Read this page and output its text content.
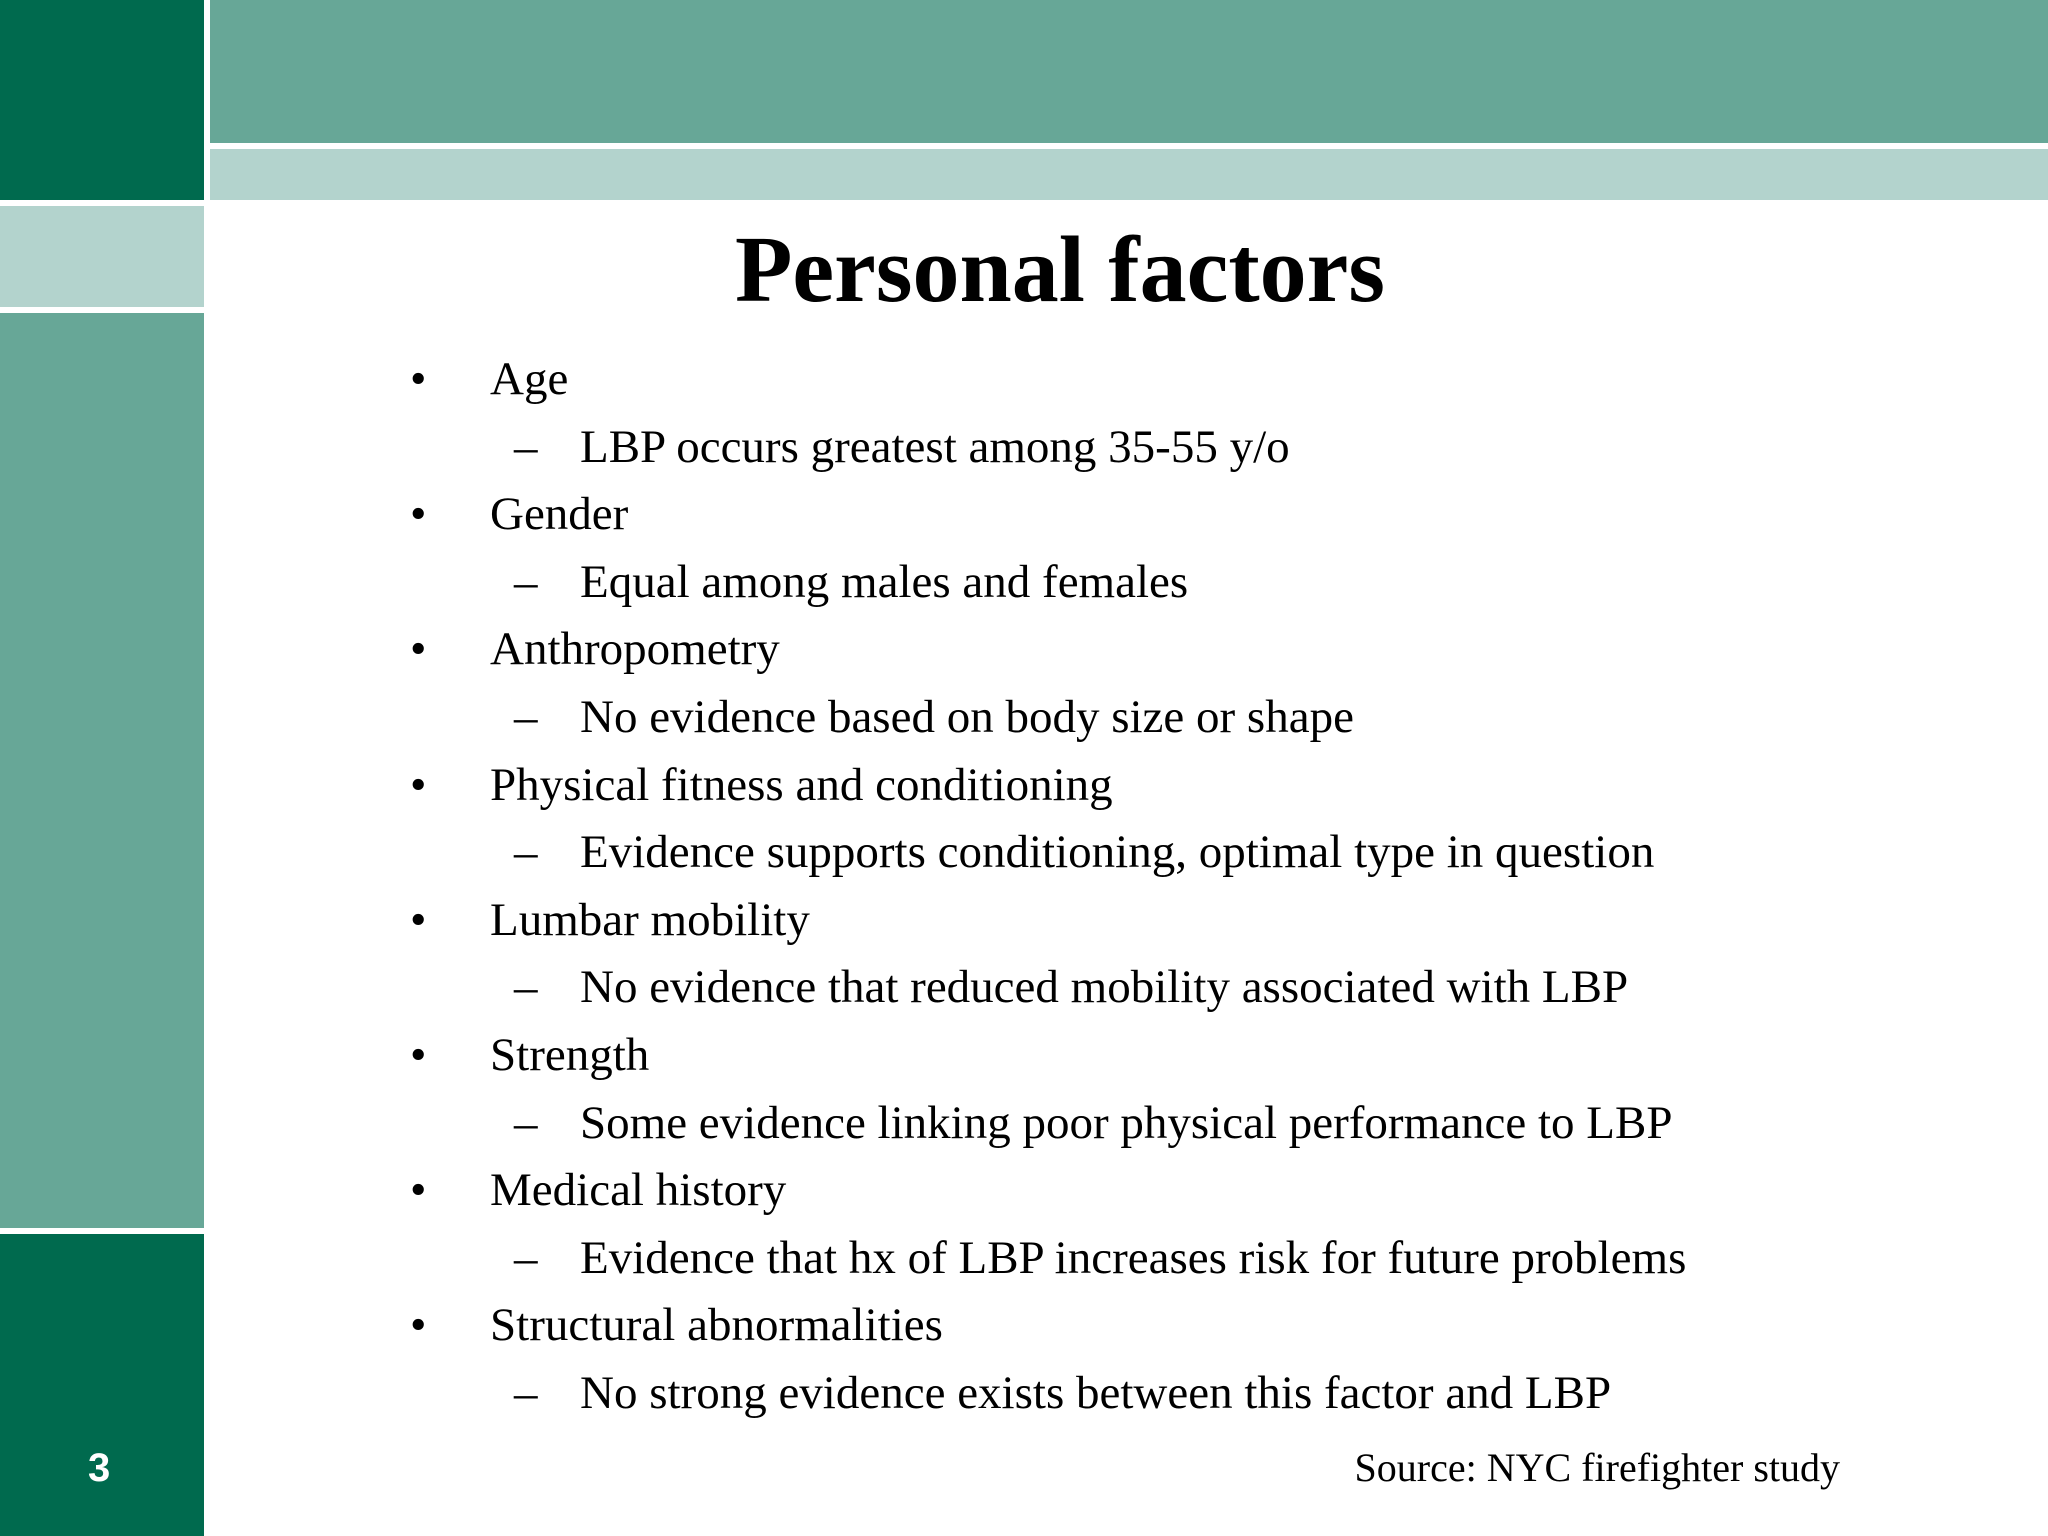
Personal factors
• Age
– LBP occurs greatest among 35-55 y/o
• Gender
– Equal among males and females
• Anthropometry
– No evidence based on body size or shape
• Physical fitness and conditioning
– Evidence supports conditioning, optimal type in question
• Lumbar mobility
– No evidence that reduced mobility associated with LBP
• Strength
– Some evidence linking poor physical performance to LBP
• Medical history
– Evidence that hx of LBP increases risk for future problems
• Structural abnormalities
– No strong evidence exists between this factor and LBP
3	Source: NYC firefighter study
